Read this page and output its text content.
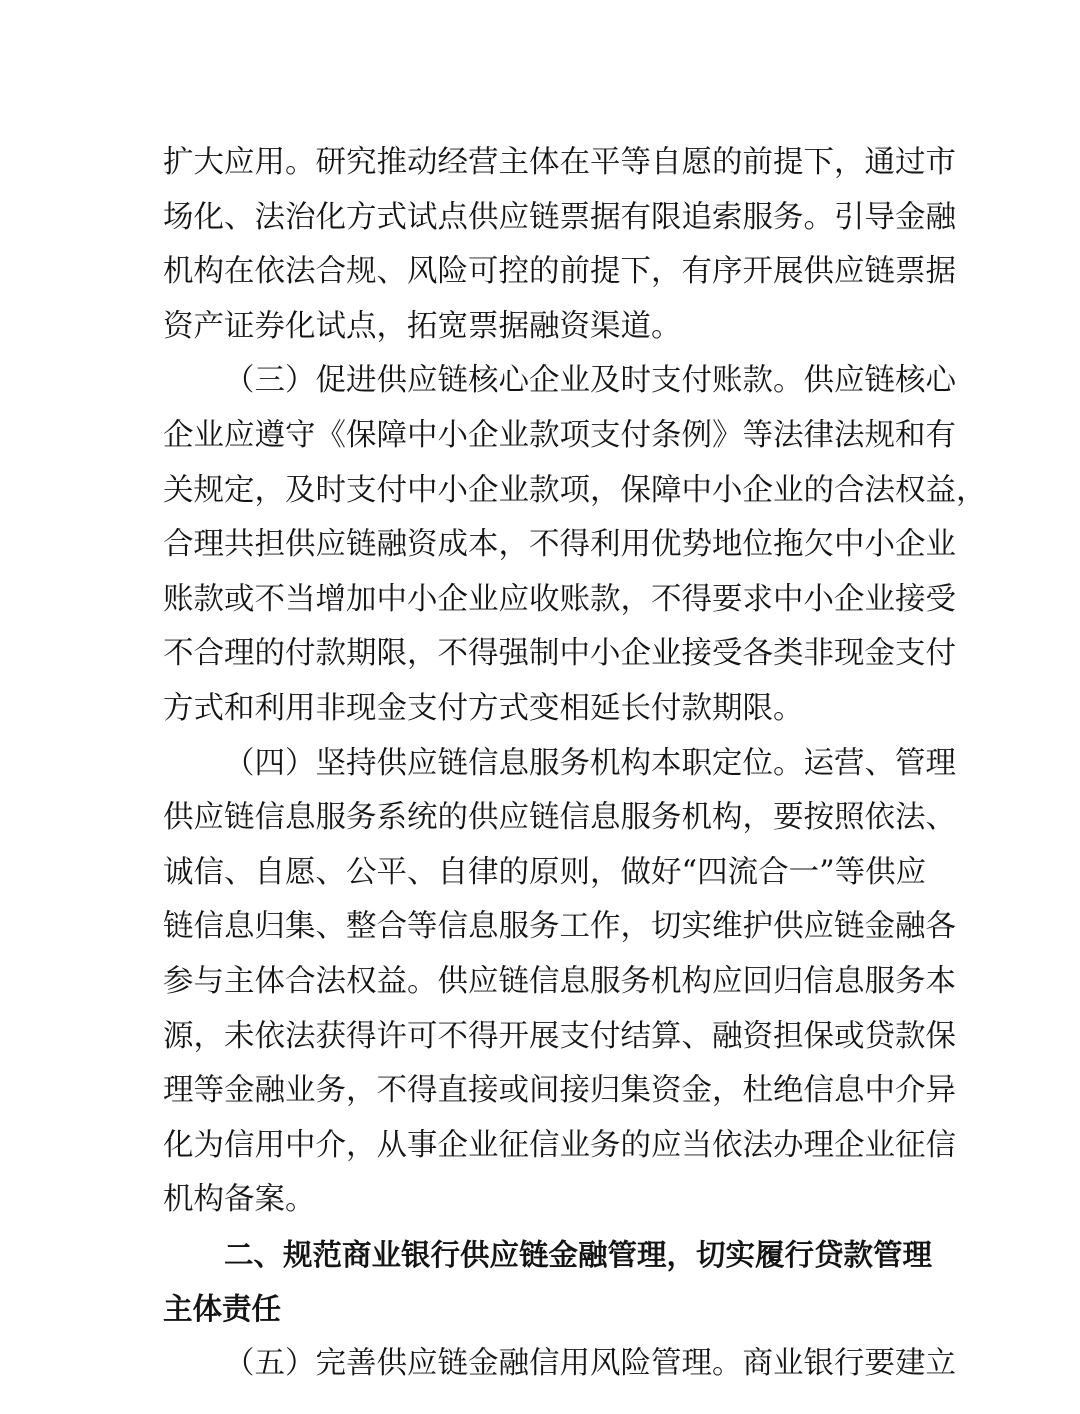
扩大应用。研究推动经营主体在平等自愿的前提下，通过市
场化、法治化方式试点供应链票据有限追索服务。引导金融
机构在依法合规、风险可控的前提下，有序开展供应链票据
资产证券化试点，拓宽票据融资渠道。
（三）促进供应链核心企业及时支付账款。供应链核心
企业应遵守《保障中小企业款项支付条例》等法律法规和有
关规定，及时支付中小企业款项，保障中小企业的合法权益，
合理共担供应链融资成本，不得利用优势地位拖欠中小企业
账款或不当增加中小企业应收账款，不得要求中小企业接受
不合理的付款期限，不得强制中小企业接受各类非现金支付
方式和利用非现金支付方式变相延长付款期限。
（四）坚持供应链信息服务机构本职定位。运营、管理
供应链信息服务系统的供应链信息服务机构，要按照依法、
诚信、自愿、公平、自律的原则，做好“四流合一”等供应
链信息归集、整合等信息服务工作，切实维护供应链金融各
参与主体合法权益。供应链信息服务机构应回归信息服务本
源，未依法获得许可不得开展支付结算、融资担保或贷款保
理等金融业务，不得直接或间接归集资金，杜绝信息中介异
化为信用中介，从事企业征信业务的应当依法办理企业征信
机构备案。
二、规范商业银行供应链金融管理，切实履行贷款管理
主体责任
（五）完善供应链金融信用风险管理。商业银行要建立
